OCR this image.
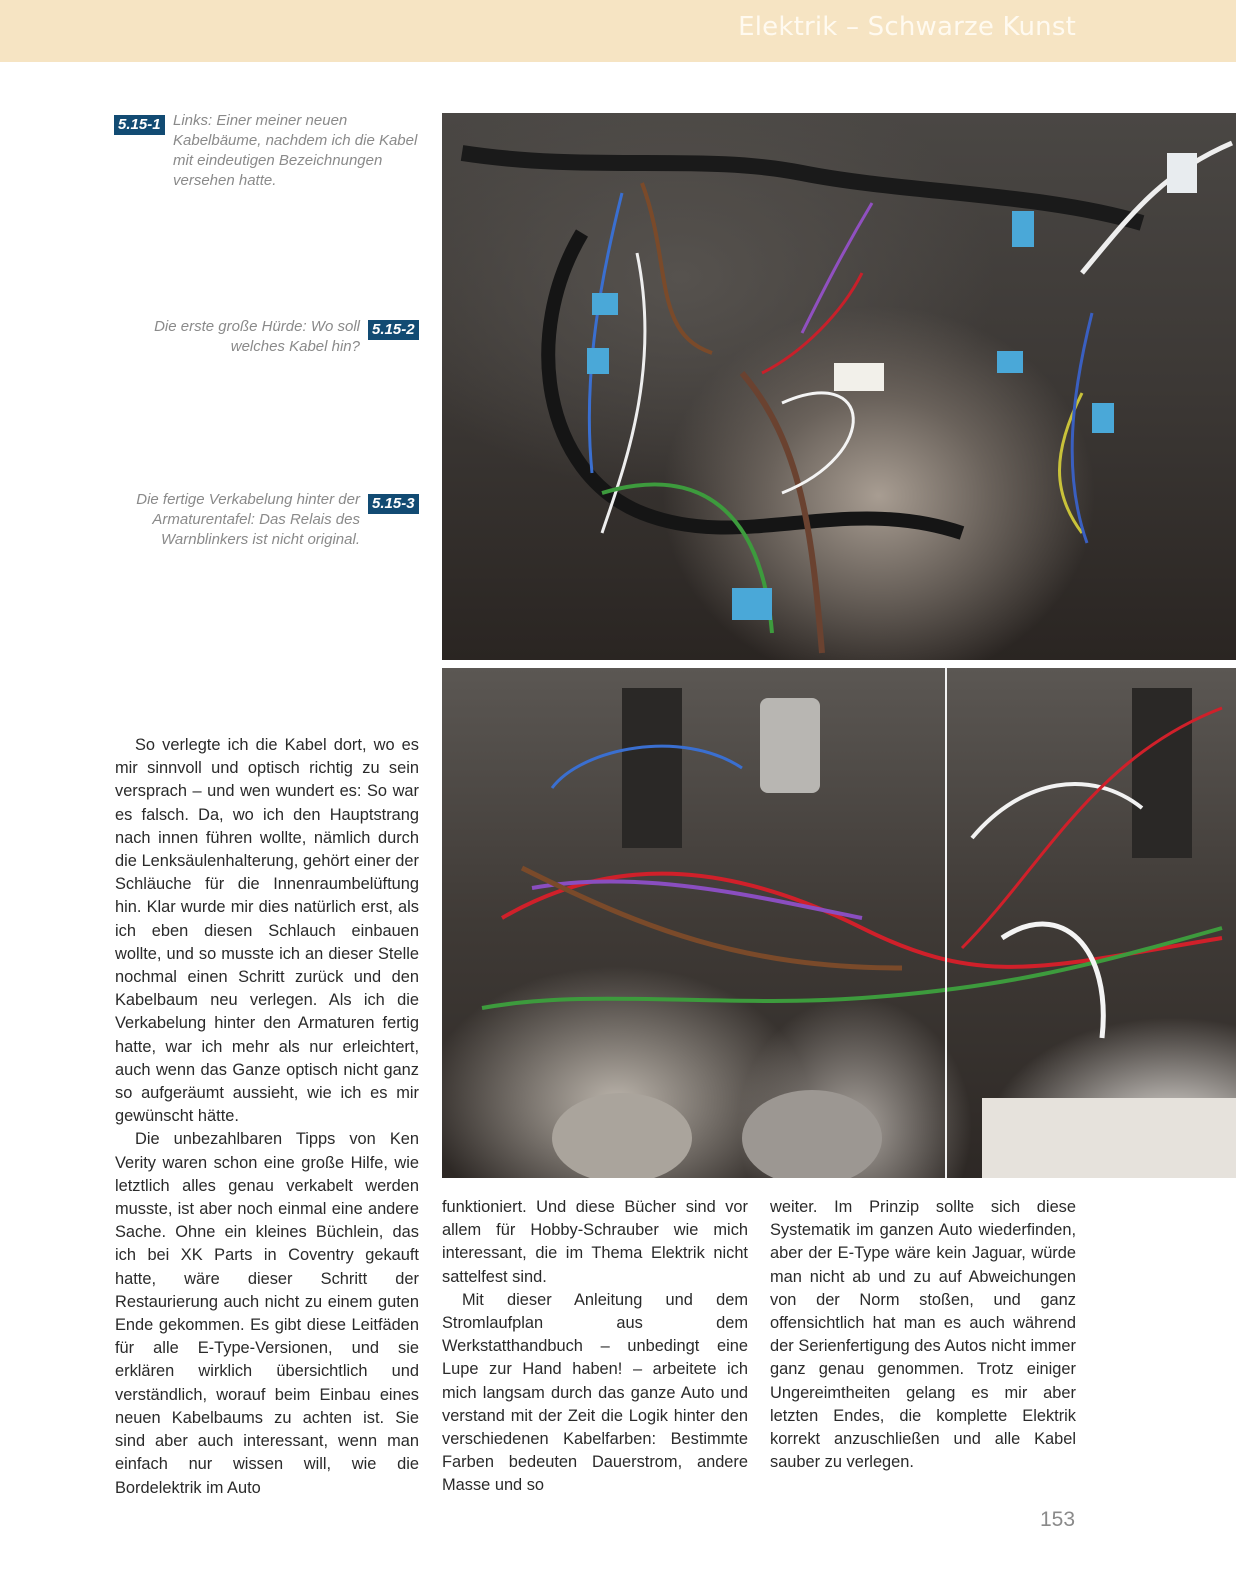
Elektrik – Schwarze Kunst
5.15-1 Links: Einer meiner neuen Kabelbäume, nachdem ich die Kabel mit eindeutigen Bezeichnungen versehen hatte.
Die erste große Hürde: Wo soll welches Kabel hin?
5.15-2
Die fertige Verkabelung hinter der Armaturentafel: Das Relais des Warnblinkers ist nicht original.
5.15-3

So verlegte ich die Kabel dort, wo es mir sinnvoll und optisch richtig zu sein versprach – und wen wundert es: So war es falsch. Da, wo ich den Hauptstrang nach innen führen wollte, nämlich durch die Lenksäulenhalterung, gehört einer der Schläuche für die Innenraumbelüftung hin. Klar wurde mir dies natürlich erst, als ich eben diesen Schlauch einbauen wollte, und so musste ich an dieser Stelle nochmal einen Schritt zurück und den Kabelbaum neu verlegen. Als ich die Verkabelung hinter den Armaturen fertig hatte, war ich mehr als nur erleichtert, auch wenn das Ganze optisch nicht ganz so aufgeräumt aussieht, wie ich es mir gewünscht hätte.

Die unbezahlbaren Tipps von Ken Verity waren schon eine große Hilfe, wie letztlich alles genau verkabelt werden musste, ist aber noch einmal eine andere Sache. Ohne ein kleines Büchlein, das ich bei XK Parts in Coventry gekauft hatte, wäre dieser Schritt der Restaurierung auch nicht zu einem guten Ende gekommen. Es gibt diese Leitfäden für alle E-Type-Versionen, und sie erklären wirklich übersichtlich und verständlich, worauf beim Einbau eines neuen Kabelbaums zu achten ist. Sie sind aber auch interessant, wenn man einfach nur wissen will, wie die Bordelektrik im Auto

funktioniert. Und diese Bücher sind vor allem für Hobby-Schrauber wie mich interessant, die im Thema Elektrik nicht sattelfest sind.

Mit dieser Anleitung und dem Stromlaufplan aus dem Werkstatthandbuch – unbedingt eine Lupe zur Hand haben! – arbeitete ich mich langsam durch das ganze Auto und verstand mit der Zeit die Logik hinter den verschiedenen Kabelfarben: Bestimmte Farben bedeuten Dauerstrom, andere Masse und so

weiter. Im Prinzip sollte sich diese Systematik im ganzen Auto wiederfinden, aber der E-Type wäre kein Jaguar, würde man nicht ab und zu auf Abweichungen von der Norm stoßen, und ganz offensichtlich hat man es auch während der Serienfertigung des Autos nicht immer ganz genau genommen. Trotz einiger Ungereimtheiten gelang es mir aber letzten Endes, die komplette Elektrik korrekt anzuschließen und alle Kabel sauber zu verlegen.

153
